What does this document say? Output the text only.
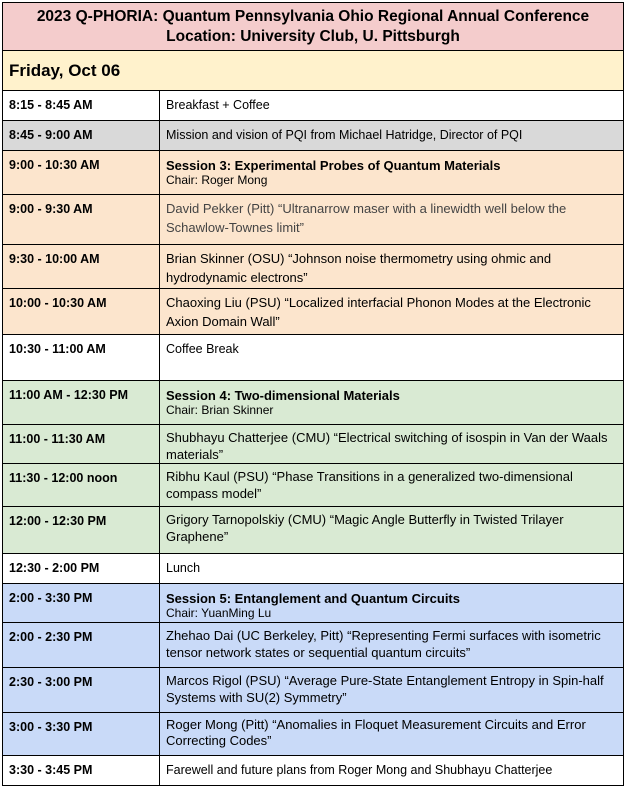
2023 Q-PHORIA: Quantum Pennsylvania Ohio Regional Annual Conference
Location: University Club, U. Pittsburgh
Friday, Oct 06
8:15 - 8:45 AM	Breakfast + Coffee
8:45 - 9:00 AM	Mission and vision of PQI from Michael Hatridge, Director of PQI
9:00 - 10:30 AM	Session 3: Experimental Probes of Quantum Materials
Chair: Roger Mong
9:00 - 9:30 AM	David Pekker (Pitt) “Ultranarrow maser with a linewidth well below the Schawlow-Townes limit”
9:30 - 10:00 AM	Brian Skinner (OSU) “Johnson noise thermometry using ohmic and hydrodynamic electrons”
10:00 - 10:30 AM	Chaoxing Liu (PSU) “Localized interfacial Phonon Modes at the Electronic Axion Domain Wall”
10:30 - 11:00 AM	Coffee Break
11:00 AM - 12:30 PM	Session 4: Two-dimensional Materials
Chair: Brian Skinner
11:00 - 11:30 AM	Shubhayu Chatterjee (CMU) “Electrical switching of isospin in Van der Waals materials”
11:30 - 12:00 noon	Ribhu Kaul (PSU) “Phase Transitions in a generalized two-dimensional compass model”
12:00 - 12:30 PM	Grigory Tarnopolskiy (CMU) “Magic Angle Butterfly in Twisted Trilayer Graphene”
12:30 - 2:00 PM	Lunch
2:00 - 3:30 PM	Session 5: Entanglement and Quantum Circuits
Chair: YuanMing Lu
2:00 - 2:30 PM	Zhehao Dai (UC Berkeley, Pitt) “Representing Fermi surfaces with isometric tensor network states or sequential quantum circuits”
2:30 - 3:00 PM	Marcos Rigol (PSU) “Average Pure-State Entanglement Entropy in Spin-half Systems with SU(2) Symmetry”
3:00 - 3:30 PM	Roger Mong (Pitt) “Anomalies in Floquet Measurement Circuits and Error Correcting Codes”
3:30 - 3:45 PM	Farewell and future plans from Roger Mong and Shubhayu Chatterjee
